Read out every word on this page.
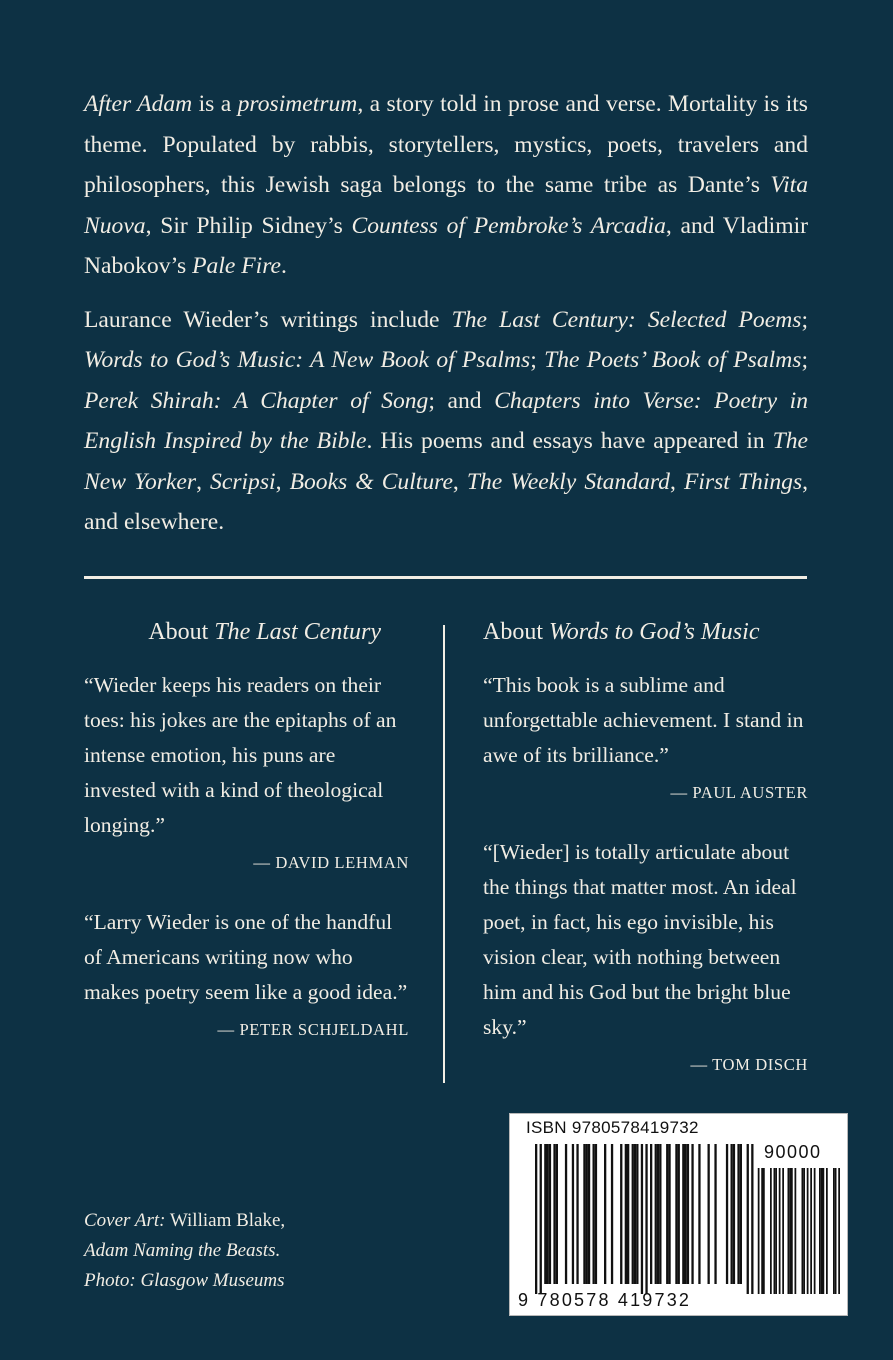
After Adam is a prosimetrum, a story told in prose and verse. Mortality is its theme. Populated by rabbis, storytellers, mystics, poets, travelers and philosophers, this Jewish saga belongs to the same tribe as Dante’s Vita Nuova, Sir Philip Sidney’s Countess of Pembroke’s Arcadia, and Vladimir Nabokov’s Pale Fire.

Laurance Wieder’s writings include The Last Century: Selected Poems; Words to God’s Music: A New Book of Psalms; The Poets’ Book of Psalms; Perek Shirah: A Chapter of Song; and Chapters into Verse: Poetry in English Inspired by the Bible. His poems and essays have appeared in The New Yorker, Scripsi, Books & Culture, The Weekly Standard, First Things, and elsewhere.

About The Last Century

“Wieder keeps his readers on their toes: his jokes are the epitaphs of an intense emotion, his puns are invested with a kind of theological longing.”

— DAVID LEHMAN

“Larry Wieder is one of the handful of Americans writing now who makes poetry seem like a good idea.”

— PETER SCHJELDAHL
About Words to God’s Music

“This book is a sublime and unforgettable achievement. I stand in awe of its brilliance.”

— PAUL AUSTER

“[Wieder] is totally articulate about the things that matter most. An ideal poet, in fact, his ego invisible, his vision clear, with nothing between him and his God but the bright blue sky.”

— TOM DISCH
Cover Art: William Blake,
Adam Naming the Beasts.
Photo: Glasgow Museums
ISBN 9780578419732
90000
9 780578 419732
